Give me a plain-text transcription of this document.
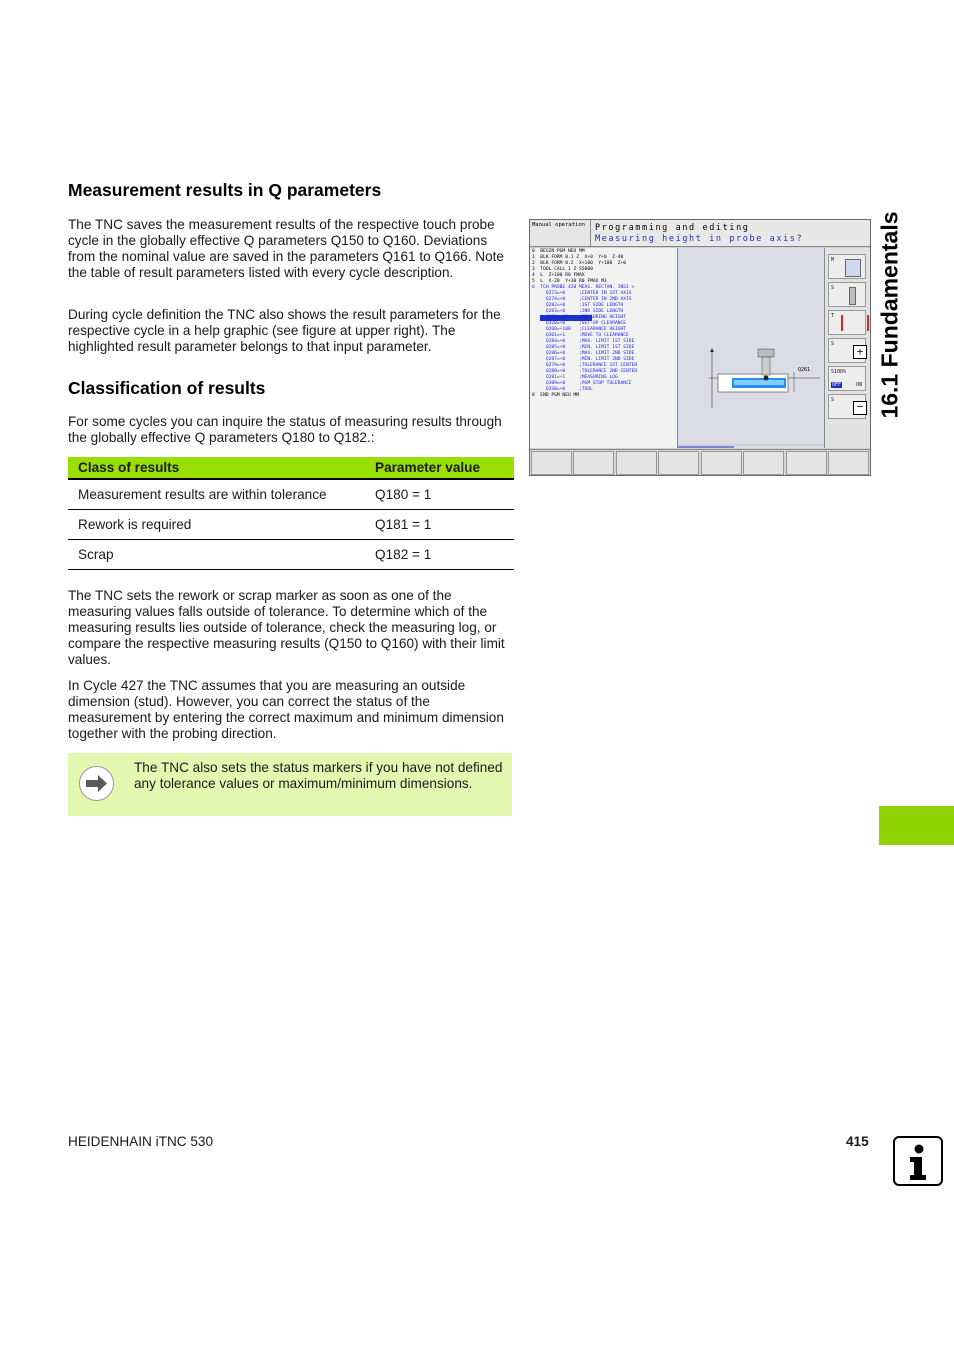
16.1 Fundamentals
Measurement results in Q parameters

The TNC saves the measurement results of the respective touch probe cycle in the globally effective Q parameters Q150 to Q160. Deviations from the nominal value are saved in the parameters Q161 to Q166. Note the table of result parameters listed with every cycle description.

During cycle definition the TNC also shows the result parameters for the respective cycle in a help graphic (see figure at upper right). The highlighted result parameter belongs to that input parameter.

Classification of results

For some cycles you can inquire the status of measuring results through the globally effective Q parameters Q180 to Q182.:

Class of results	Parameter value
Measurement results are within tolerance	Q180 = 1
Rework is required	Q181 = 1
Scrap	Q182 = 1

The TNC sets the rework or scrap marker as soon as one of the measuring values falls outside of tolerance. To determine which of the measuring results lies outside of tolerance, check the measuring log, or compare the respective measuring results (Q150 to Q160) with their limit values.

In Cycle 427 the TNC assumes that you are measuring an outside dimension (stud). However, you can correct the status of the measurement by entering the correct maximum and minimum dimension together with the probing direction.

The TNC also sets the status markers if you have not defined any tolerance values or maximum/minimum dimensions.
Manual operation	Programming and editing
Measuring height in probe axis?
0  BEGIN PGM NEU MM
1  BLK FORM 0.1 Z  X+0  Y+0  Z-40
2  BLK FORM 0.2  X+100  Y+100  Z+0
3  TOOL CALL 1 Z S5000
4  L  Z+100 R0 FMAX
5  L  X-20  Y+30 R0 FMAX M3
6  TCH PROBE 420 MEAS. RECTAN. INSI >
Q273=+0     ;CENTER IN 1ST AXIS
Q274=+0     ;CENTER IN 2ND AXIS
Q282=+0     ;1ST SIDE LENGTH
Q283=+0     ;2ND SIDE LENGTH
Q261=-10    ;MEASURING HEIGHT
Q320=+0     ;SET-UP CLEARANCE
Q260=+100   ;CLEARANCE HEIGHT
Q301=+1     ;MOVE TO CLEARANCE
Q284=+0     ;MAX. LIMIT 1ST SIDE
Q285=+0     ;MIN. LIMIT 1ST SIDE
Q286=+0     ;MAX. LIMIT 2ND SIDE
Q287=+0     ;MIN. LIMIT 2ND SIDE
Q279=+0     ;TOLERANCE 1ST CENTER
Q280=+0     ;TOLERANCE 2ND CENTER
Q281=+1     ;MEASURING LOG
Q309=+0     ;PGM STOP TOLERANCE
Q330=+0     ;TOOL
8  END PGM NEU MM
Q261
M
S
T
S
+
S100%
OFF	ON
S	−
HEIDENHAIN iTNC 530	415
